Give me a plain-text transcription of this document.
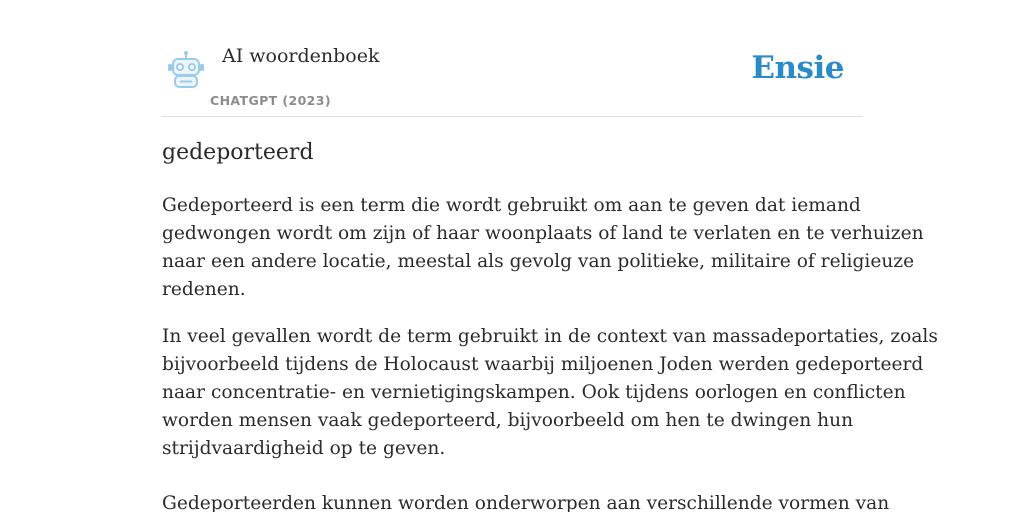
AI woordenboek
CHATGPT (2023)
Ensie
gedeporteerd

Gedeporteerd is een term die wordt gebruikt om aan te geven dat iemand
gedwongen wordt om zijn of haar woonplaats of land te verlaten en te verhuizen
naar een andere locatie, meestal als gevolg van politieke, militaire of religieuze
redenen.

In veel gevallen wordt de term gebruikt in de context van massadeportaties, zoals
bijvoorbeeld tijdens de Holocaust waarbij miljoenen Joden werden gedeporteerd
naar concentratie- en vernietigingskampen. Ook tijdens oorlogen en conflicten
worden mensen vaak gedeporteerd, bijvoorbeeld om hen te dwingen hun
strijdvaardigheid op te geven.

Gedeporteerden kunnen worden onderworpen aan verschillende vormen van
